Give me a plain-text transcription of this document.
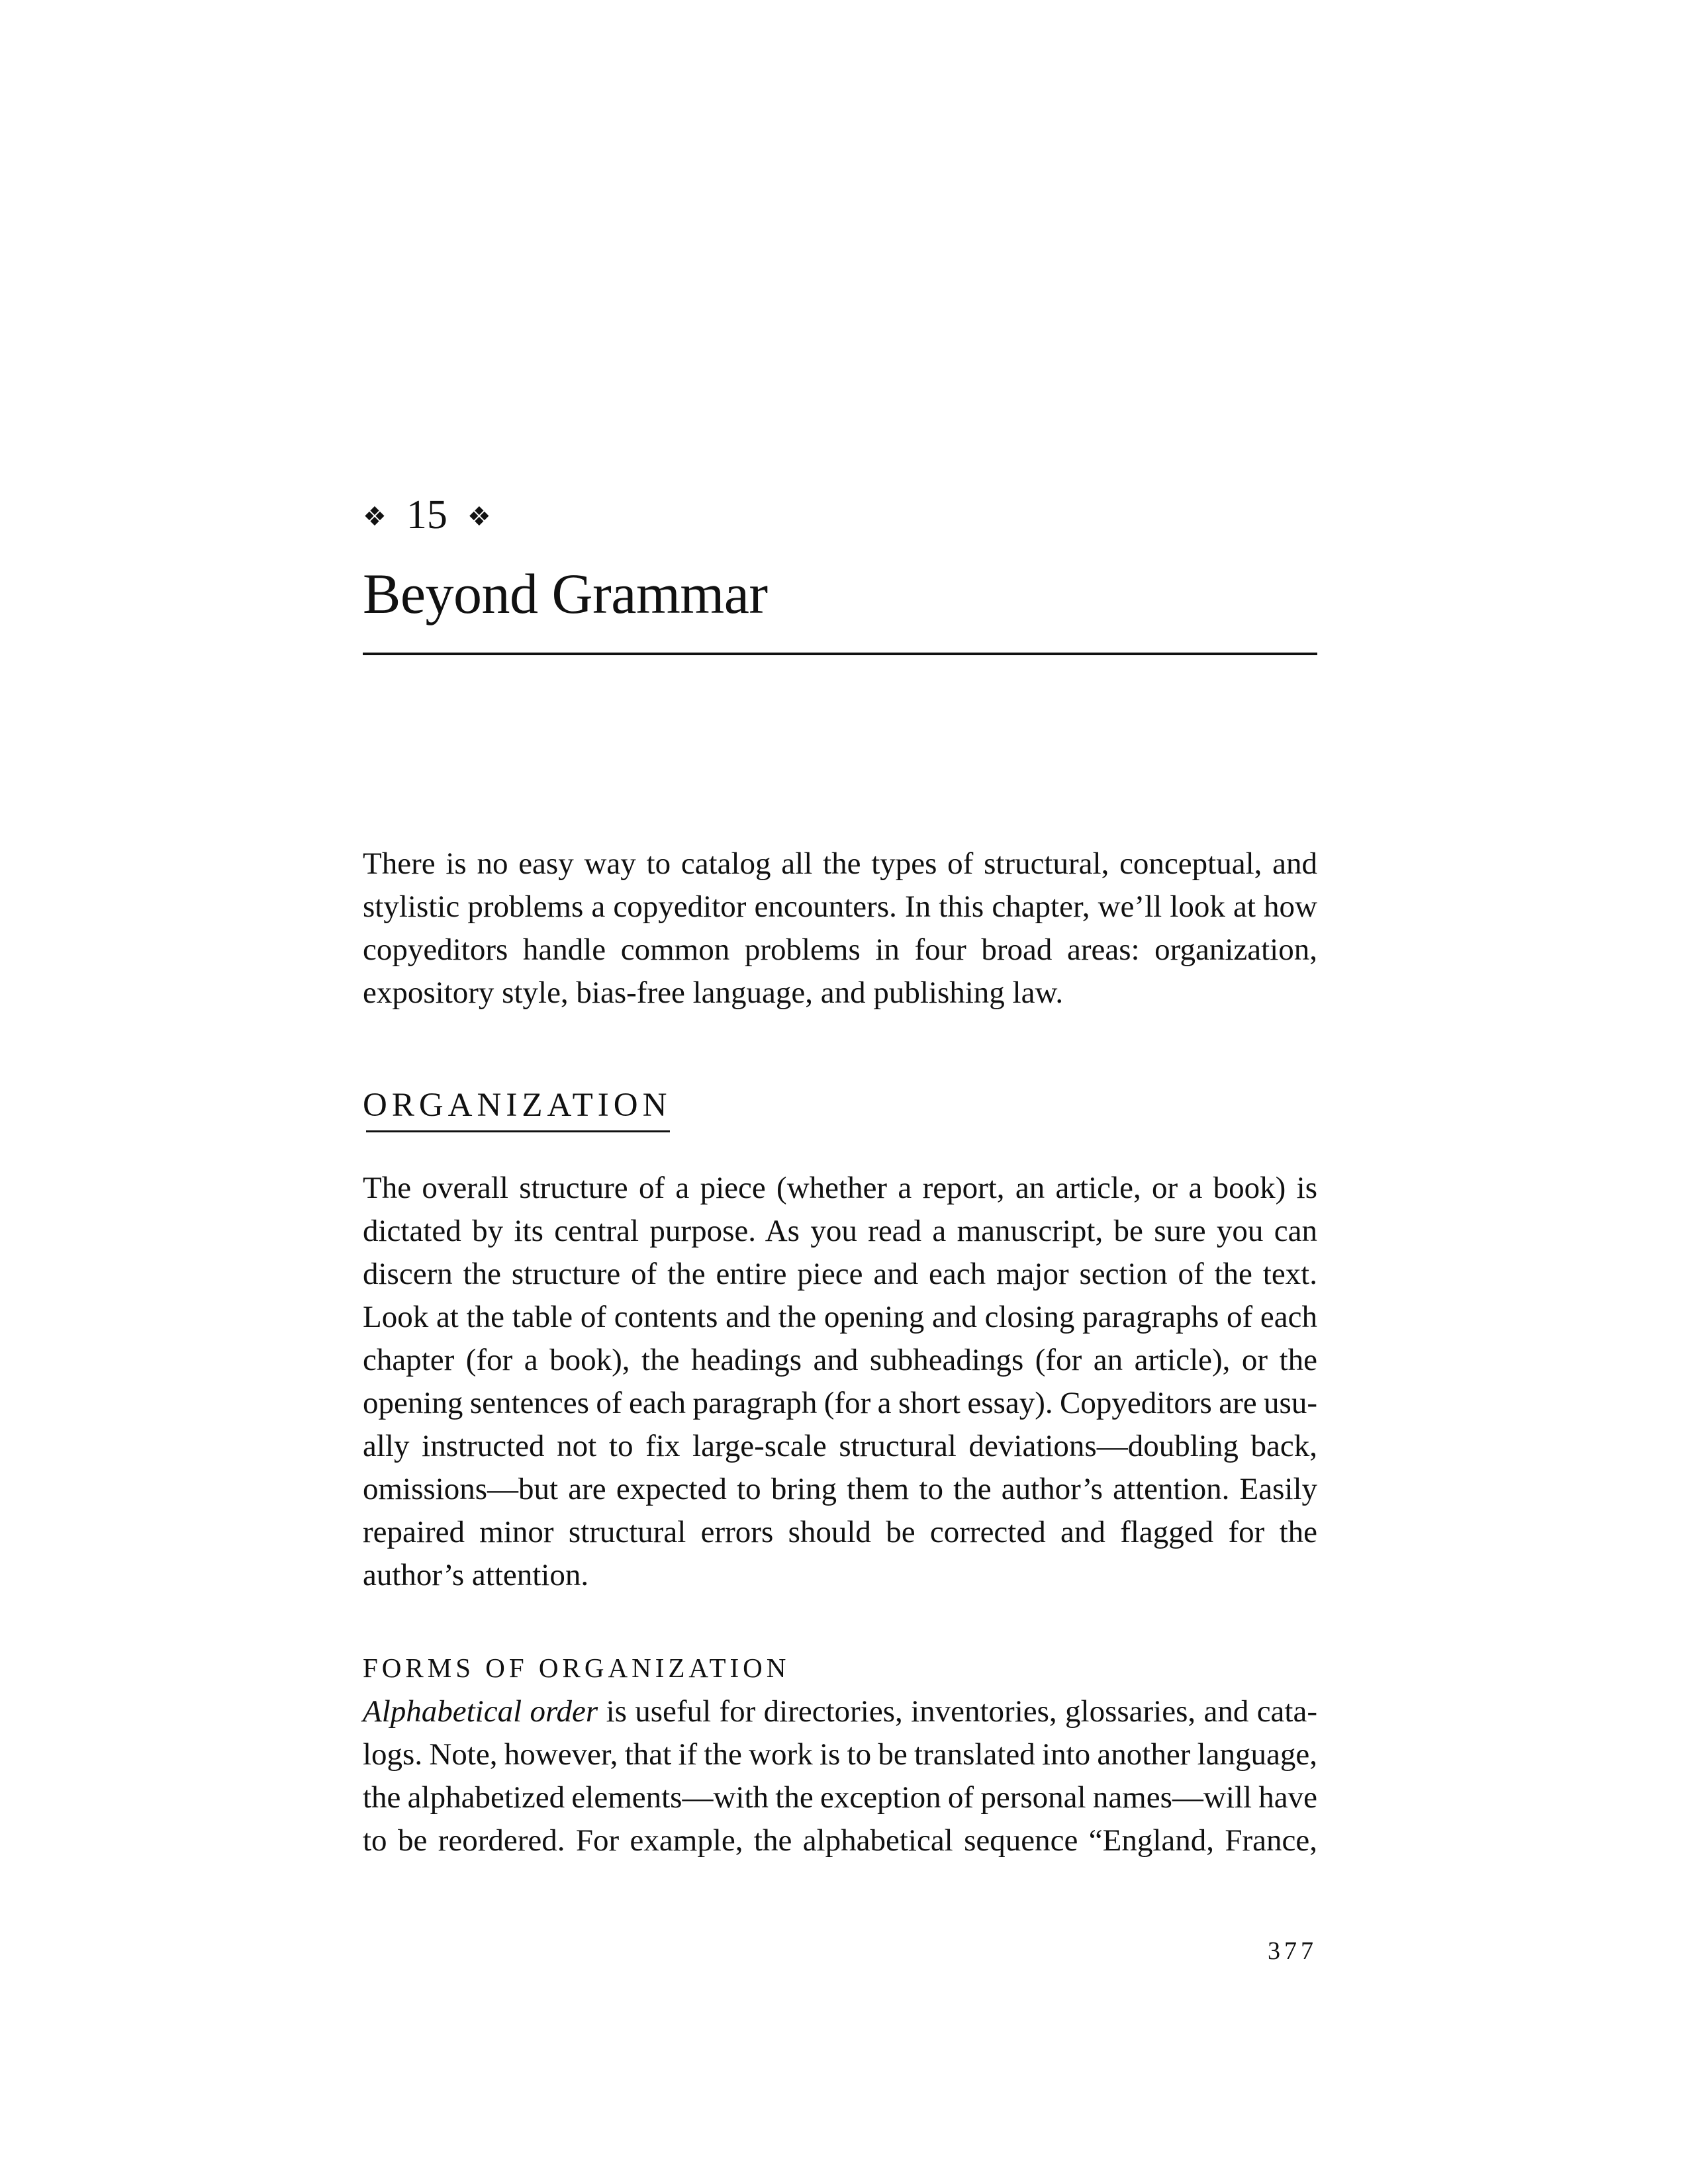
❖ 15 ❖
Beyond Grammar
There is no easy way to catalog all the types of structural, conceptual, and
stylistic problems a copyeditor encounters. In this chapter, we’ll look at how
copyeditors handle common problems in four broad areas: organization,
expository style, bias-free language, and publishing law.
ORGANIZATION
The overall structure of a piece (whether a report, an article, or a book) is
dictated by its central purpose. As you read a manuscript, be sure you can
discern the structure of the entire piece and each major section of the text.
Look at the table of contents and the opening and closing paragraphs of each
chapter (for a book), the headings and subheadings (for an article), or the
opening sentences of each paragraph (for a short essay). Copyeditors are usu-
ally instructed not to fix large-scale structural deviations—doubling back,
omissions—but are expected to bring them to the author’s attention. Easily
repaired minor structural errors should be corrected and flagged for the
author’s attention.
FORMS OF ORGANIZATION
Alphabetical order is useful for directories, inventories, glossaries, and cata-
logs. Note, however, that if the work is to be translated into another language,
the alphabetized elements—with the exception of personal names—will have
to be reordered. For example, the alphabetical sequence “England, France,
377
